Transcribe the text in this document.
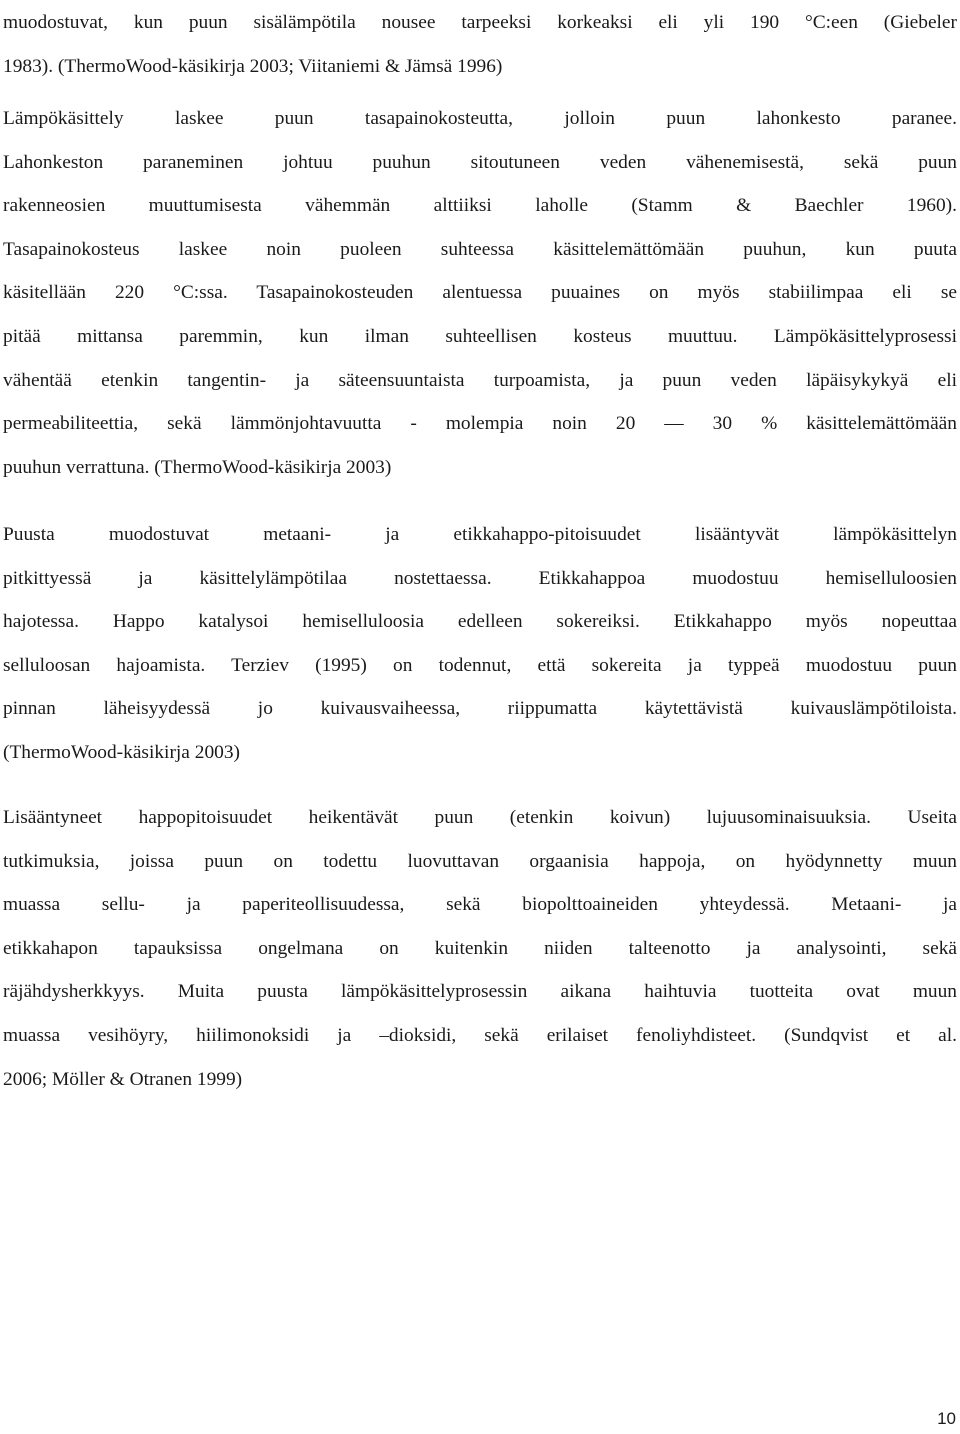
muodostuvat, kun puun sisälämpötila nousee tarpeeksi korkeaksi eli yli 190 °C:een (Giebeler
1983). (ThermoWood-käsikirja 2003; Viitaniemi & Jämsä 1996)
Lämpökäsittely laskee puun tasapainokosteutta, jolloin puun lahonkesto paranee.
Lahonkeston paraneminen johtuu puuhun sitoutuneen veden vähenemisestä, sekä puun
rakenneosien muuttumisesta vähemmän alttiiksi laholle (Stamm & Baechler 1960).
Tasapainokosteus laskee noin puoleen suhteessa käsittelemättömään puuhun, kun puuta
käsitellään 220 °C:ssa. Tasapainokosteuden alentuessa puuaines on myös stabiilimpaa eli se
pitää mittansa paremmin, kun ilman suhteellisen kosteus muuttuu. Lämpökäsittelyprosessi
vähentää etenkin tangentin- ja säteensuuntaista turpoamista, ja puun veden läpäisykykyä eli
permeabiliteettia, sekä lämmönjohtavuutta - molempia noin 20 — 30 % käsittelemättömään
puuhun verrattuna. (ThermoWood-käsikirja 2003)
Puusta muodostuvat metaani- ja etikkahappo-pitoisuudet lisääntyvät lämpökäsittelyn
pitkittyessä ja käsittelylämpötilaa nostettaessa. Etikkahappoa muodostuu hemiselluloosien
hajotessa. Happo katalysoi hemiselluloosia edelleen sokereiksi. Etikkahappo myös nopeuttaa
selluloosan hajoamista. Terziev (1995) on todennut, että sokereita ja typpeä muodostuu puun
pinnan läheisyydessä jo kuivausvaiheessa, riippumatta käytettävistä kuivauslämpötiloista.
(ThermoWood-käsikirja 2003)
Lisääntyneet happopitoisuudet heikentävät puun (etenkin koivun) lujuusominaisuuksia. Useita
tutkimuksia, joissa puun on todettu luovuttavan orgaanisia happoja, on hyödynnetty muun
muassa sellu- ja paperiteollisuudessa, sekä biopolttoaineiden yhteydessä. Metaani- ja
etikkahapon tapauksissa ongelmana on kuitenkin niiden talteenotto ja analysointi, sekä
räjähdysherkkyys. Muita puusta lämpökäsittelyprosessin aikana haihtuvia tuotteita ovat muun
muassa vesihöyry, hiilimonoksidi ja –dioksidi, sekä erilaiset fenoliyhdisteet. (Sundqvist et al.
2006; Möller & Otranen 1999)
10
